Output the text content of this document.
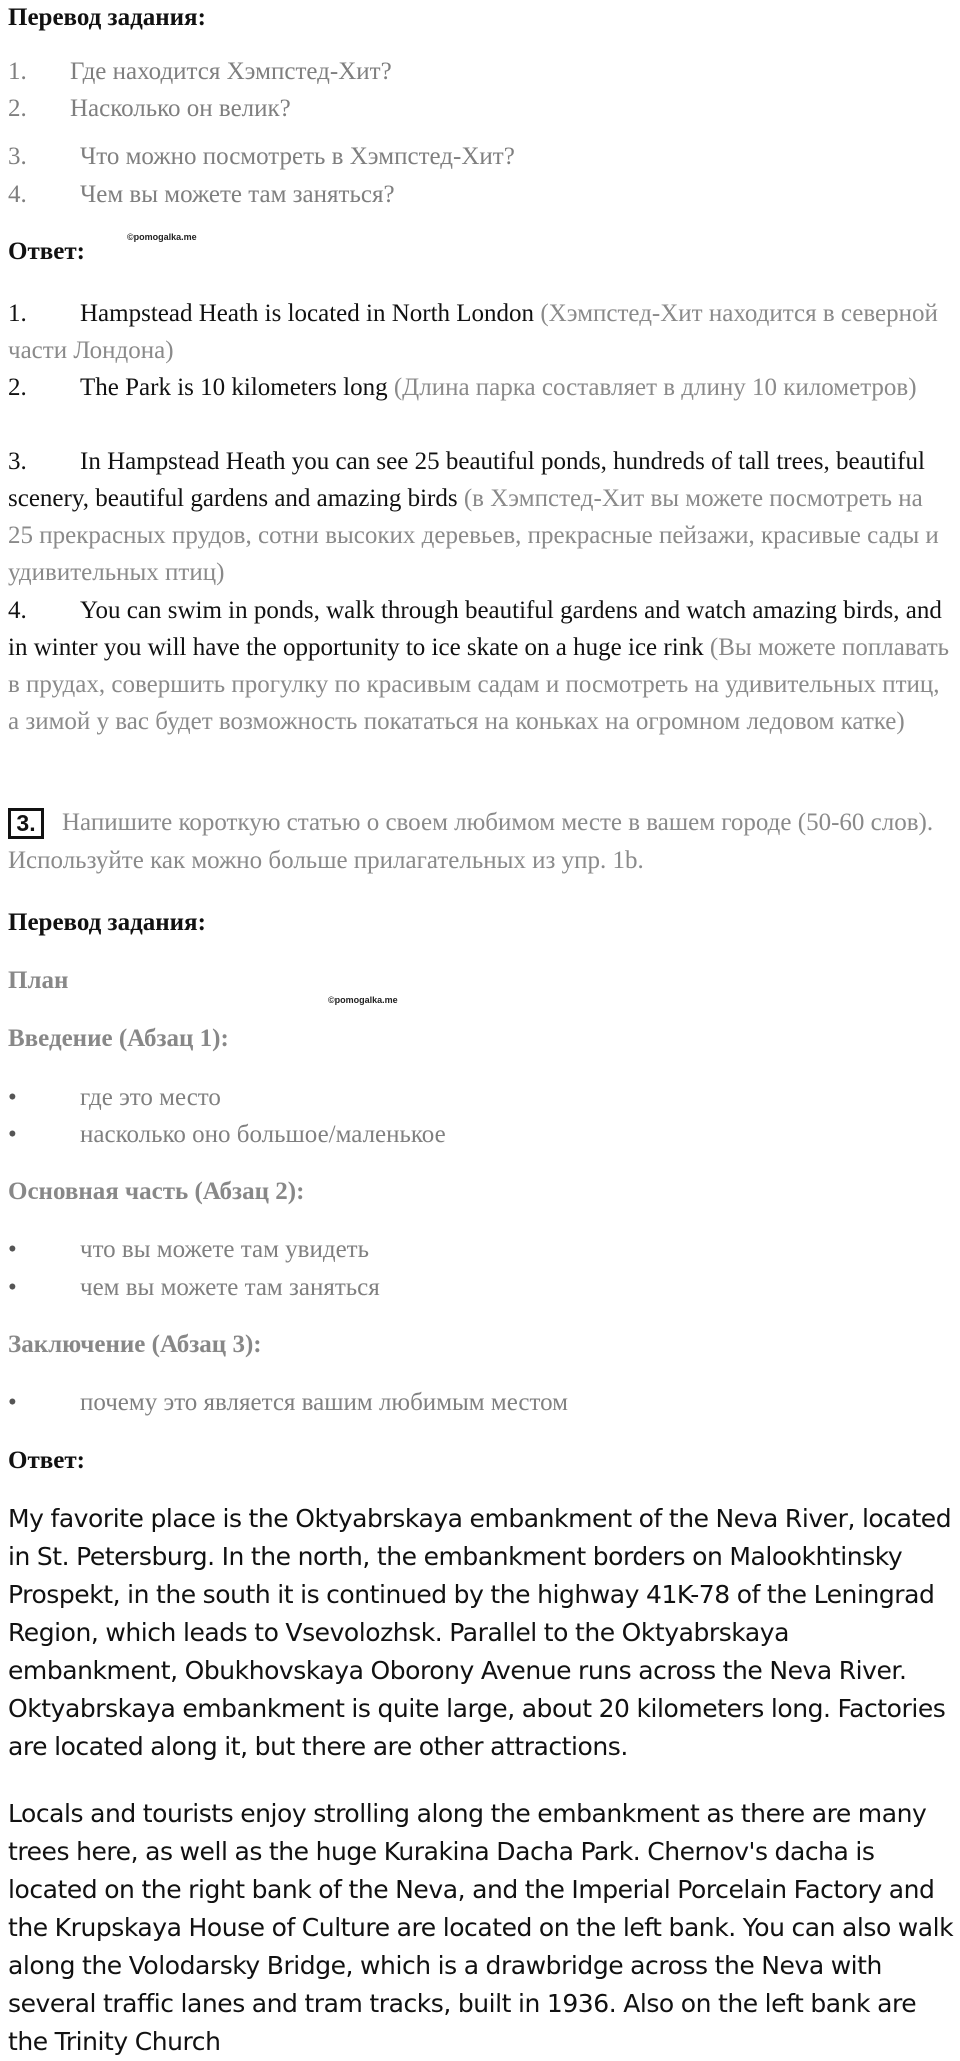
Перевод задания:
1. Где находится Хэмпстед-Хит?
2. Насколько он велик?
3. Что можно посмотреть в Хэмпстед-Хит?
4. Чем вы можете там заняться?
Ответ:
©pomogalka.me
1. Hampstead Heath is located in North London (Хэмпстед-Хит находится в северной части Лондона)
2. The Park is 10 kilometers long (Длина парка составляет в длину 10 километров)
3. In Hampstead Heath you can see 25 beautiful ponds, hundreds of tall trees, beautiful scenery, beautiful gardens and amazing birds (в Хэмпстед-Хит вы можете посмотреть на 25 прекрасных прудов, сотни высоких деревьев, прекрасные пейзажи, красивые сады и удивительных птиц)
4. You can swim in ponds, walk through beautiful gardens and watch amazing birds, and in winter you will have the opportunity to ice skate on a huge ice rink (Вы можете поплавать в прудах, совершить прогулку по красивым садам и посмотреть на удивительных птиц, а зимой у вас будет возможность покататься на коньках на огромном ледовом катке)
3.	Напишите короткую статью о своем любимом месте в вашем городе (50-60 слов). Используйте как можно больше прилагательных из упр. 1b.
Перевод задания:
План
©pomogalka.me
Введение (Абзац 1):
•	где это место
•	насколько оно большое/маленькое
Основная часть (Абзац 2):
•	что вы можете там увидеть
•	чем вы можете там заняться
Заключение (Абзац 3):
•	почему это является вашим любимым местом
Ответ:
My favorite place is the Oktyabrskaya embankment of the Neva River, located in St. Petersburg. In the north, the embankment borders on Malookhtinsky Prospekt, in the south it is continued by the highway 41K-78 of the Leningrad Region, which leads to Vsevolozhsk. Parallel to the Oktyabrskaya embankment, Obukhovskaya Oborony Avenue runs across the Neva River. Oktyabrskaya embankment is quite large, about 20 kilometers long. Factories are located along it, but there are other attractions.
Locals and tourists enjoy strolling along the embankment as there are many trees here, as well as the huge Kurakina Dacha Park. Chernov's dacha is located on the right bank of the Neva, and the Imperial Porcelain Factory and the Krupskaya House of Culture are located on the left bank. You can also walk along the Volodarsky Bridge, which is a drawbridge across the Neva with several traffic lanes and tram tracks, built in 1936. Also on the left bank are the Trinity Church
